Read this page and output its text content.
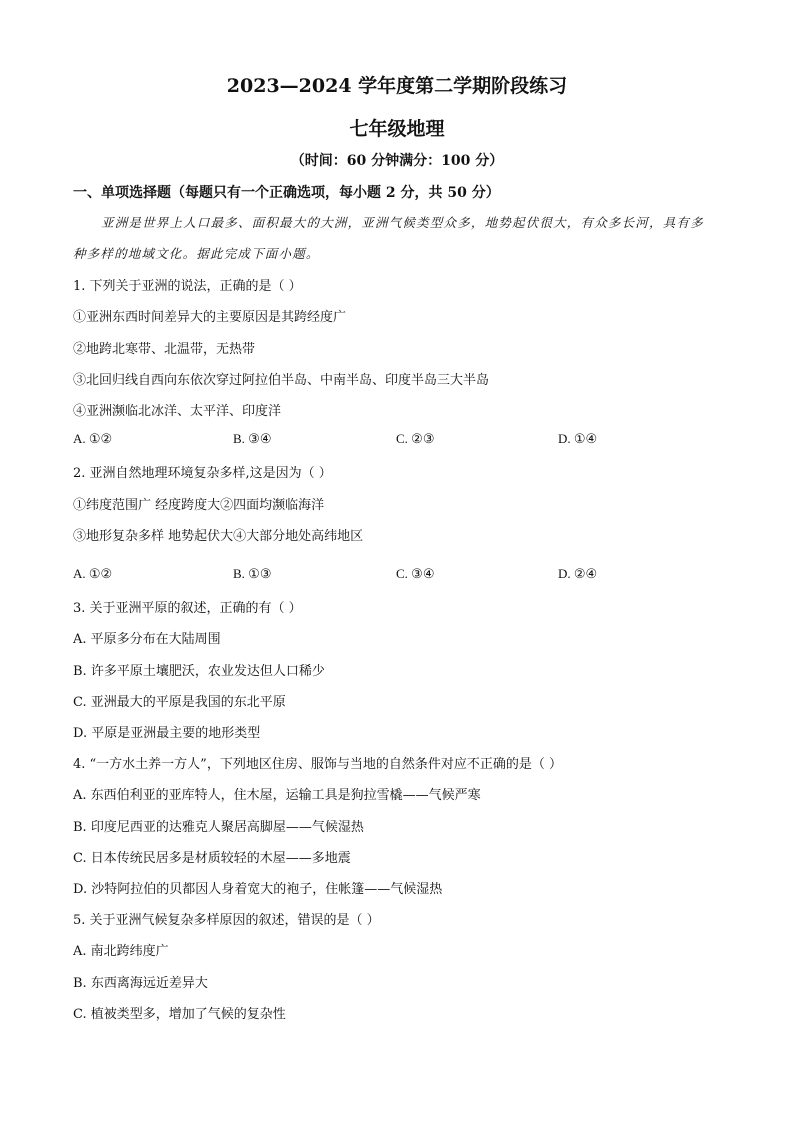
2023—2024 学年度第二学期阶段练习
七年级地理
（时间：60 分钟满分：100 分）
一、单项选择题（每题只有一个正确选项，每小题 2 分，共 50 分）
亚洲是世界上人口最多、面积最大的大洲，亚洲气候类型众多，地势起伏很大，有众多长河，具有多
种多样的地域文化。据此完成下面小题。
1. 下列关于亚洲的说法，正确的是（ ）
①亚洲东西时间差异大的主要原因是其跨经度广
②地跨北寒带、北温带，无热带
③北回归线自西向东依次穿过阿拉伯半岛、中南半岛、印度半岛三大半岛
④亚洲濒临北冰洋、太平洋、印度洋
A. ①②	B. ③④	C. ②③	D. ①④
2. 亚洲自然地理环境复杂多样,这是因为（ ）
①纬度范围广 经度跨度大②四面均濒临海洋
③地形复杂多样 地势起伏大④大部分地处高纬地区
A. ①②	B. ①③	C. ③④	D. ②④
3. 关于亚洲平原的叙述，正确的有（ ）
A. 平原多分布在大陆周围
B. 许多平原土壤肥沃，农业发达但人口稀少
C. 亚洲最大的平原是我国的东北平原
D. 平原是亚洲最主要的地形类型
4. “一方水土养一方人”，下列地区住房、服饰与当地的自然条件对应不正确的是（ ）
A. 东西伯利亚的亚库特人，住木屋，运输工具是狗拉雪橇——气候严寒
B. 印度尼西亚的达雅克人聚居高脚屋——气候湿热
C. 日本传统民居多是材质较轻的木屋——多地震
D. 沙特阿拉伯的贝都因人身着宽大的袍子，住帐篷——气候湿热
5. 关于亚洲气候复杂多样原因的叙述，错误的是（ ）
A. 南北跨纬度广
B. 东西离海远近差异大
C. 植被类型多，增加了气候的复杂性
